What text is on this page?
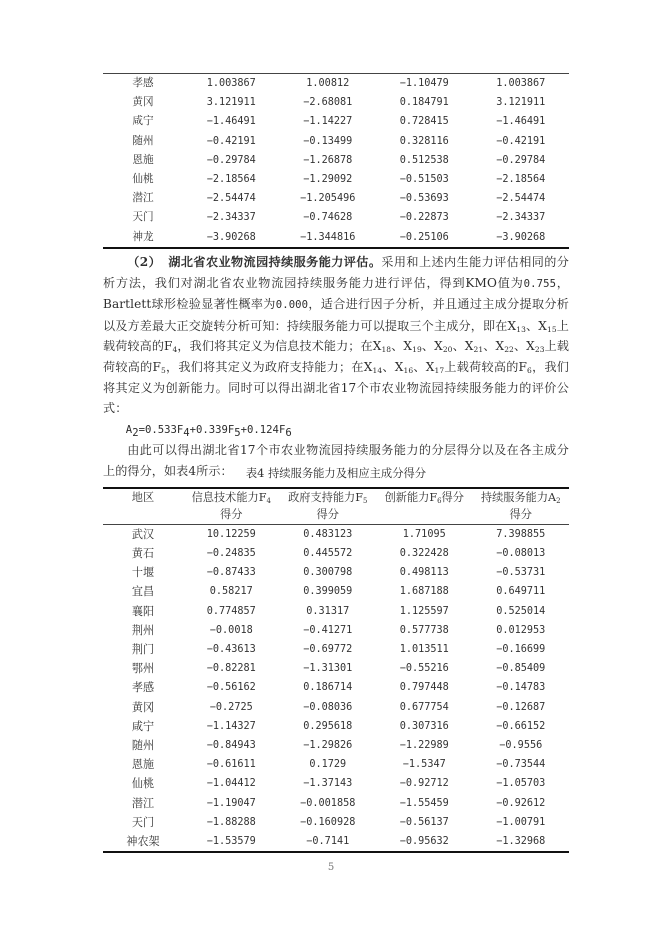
孝感	1.003867	1.00812	−1.10479	1.003867
黄冈	3.121911	−2.68081	0.184791	3.121911
咸宁	−1.46491	−1.14227	0.728415	−1.46491
随州	−0.42191	−0.13499	0.328116	−0.42191
恩施	−0.29784	−1.26878	0.512538	−0.29784
仙桃	−2.18564	−1.29092	−0.51503	−2.18564
潜江	−2.54474	−1.205496	−0.53693	−2.54474
天门	−2.34337	−0.74628	−0.22873	−2.34337
神龙	−3.90268	−1.344816	−0.25106	−3.90268

（2） 湖北省农业物流园持续服务能力评估。采用和上述内生能力评估相同的分析方法，我们对湖北省农业物流园持续服务能力进行评估，得到KMO值为0.755，Bartlett球形检验显著性概率为0.000，适合进行因子分析，并且通过主成分提取分析以及方差最大正交旋转分析可知：持续服务能力可以提取三个主成分，即在$X_{13}$、$X_{15}$上载荷较高的$F_4$，我们将其定义为信息技术能力；在$X_{18}$、$X_{19}$、$X_{20}$、$X_{21}$、$X_{22}$、$X_{23}$上载荷较高的$F_5$，我们将其定义为政府支持能力；在$X_{14}$、$X_{16}$、$X_{17}$上载荷较高的$F_6$，我们将其定义为创新能力。同时可以得出湖北省17个市农业物流园持续服务能力的评价公式：

$A_2=0.533F_4+0.339F_5+0.124F_6$

由此可以得出湖北省17个市农业物流园持续服务能力的分层得分以及在各主成分上的得分，如表4所示：	表4 持续服务能力及相应主成分得分
地区	信息技术能力$F_4$	政府支持能力$F_5$	创新能力$F_6$得分	持续服务能力$A_2$
	得分	得分		得分
武汉	10.12259	0.483123	1.71095	7.398855
黄石	−0.24835	0.445572	0.322428	−0.08013
十堰	−0.87433	0.300798	0.498113	−0.53731
宜昌	0.58217	0.399059	1.687188	0.649711
襄阳	0.774857	0.31317	1.125597	0.525014
荆州	−0.0018	−0.41271	0.577738	0.012953
荆门	−0.43613	−0.69772	1.013511	−0.16699
鄂州	−0.82281	−1.31301	−0.55216	−0.85409
孝感	−0.56162	0.186714	0.797448	−0.14783
黄冈	−0.2725	−0.08036	0.677754	−0.12687
咸宁	−1.14327	0.295618	0.307316	−0.66152
随州	−0.84943	−1.29826	−1.22989	−0.9556
恩施	−0.61611	0.1729	−1.5347	−0.73544
仙桃	−1.04412	−1.37143	−0.92712	−1.05703
潜江	−1.19047	−0.001858	−1.55459	−0.92612
天门	−1.88288	−0.160928	−0.56137	−1.00791
神农架	−1.53579	−0.7141	−0.95632	−1.32968
5
